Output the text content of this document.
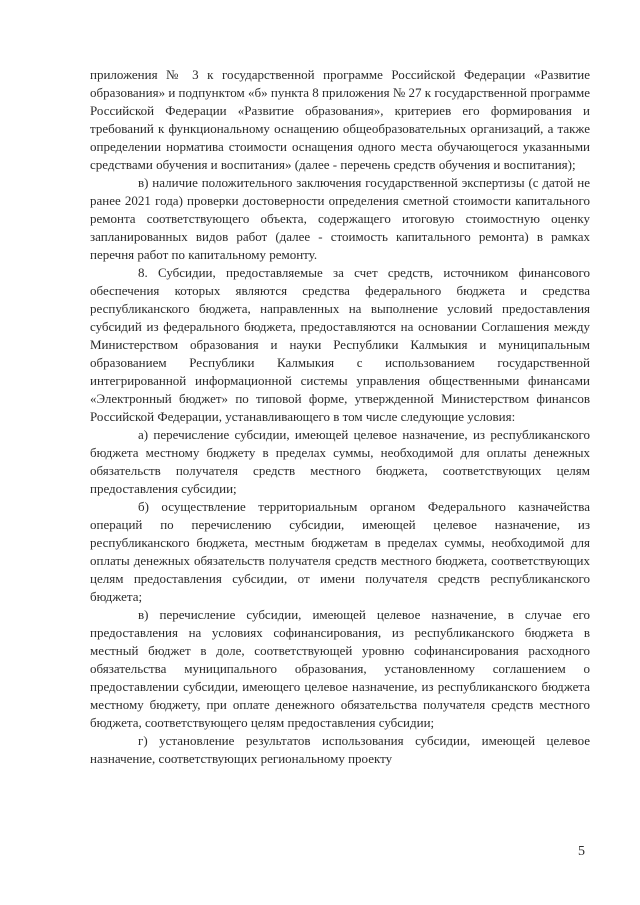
приложения № 3 к государственной программе Российской Федерации «Развитие образования» и подпунктом «б» пункта 8 приложения № 27 к государственной программе Российской Федерации «Развитие образования», критериев его формирования и требований к функциональному оснащению общеобразовательных организаций, а также определении норматива стоимости оснащения одного места обучающегося указанными средствами обучения и воспитания» (далее - перечень средств обучения и воспитания);

в) наличие положительного заключения государственной экспертизы (с датой не ранее 2021 года) проверки достоверности определения сметной стоимости капитального ремонта соответствующего объекта, содержащего итоговую стоимостную оценку запланированных видов работ (далее - стоимость капитального ремонта) в рамках перечня работ по капитальному ремонту.

8. Субсидии, предоставляемые за счет средств, источником финансового обеспечения которых являются средства федерального бюджета и средства республиканского бюджета, направленных на выполнение условий предоставления субсидий из федерального бюджета, предоставляются на основании Соглашения между Министерством образования и науки Республики Калмыкия и муниципальным образованием Республики Калмыкия с использованием государственной интегрированной информационной системы управления общественными финансами «Электронный бюджет» по типовой форме, утвержденной Министерством финансов Российской Федерации, устанавливающего в том числе следующие условия:

а) перечисление субсидии, имеющей целевое назначение, из республиканского бюджета местному бюджету в пределах суммы, необходимой для оплаты денежных обязательств получателя средств местного бюджета, соответствующих целям предоставления субсидии;

б) осуществление территориальным органом Федерального казначейства операций по перечислению субсидии, имеющей целевое назначение, из республиканского бюджета, местным бюджетам в пределах суммы, необходимой для оплаты денежных обязательств получателя средств местного бюджета, соответствующих целям предоставления субсидии, от имени получателя средств республиканского бюджета;

в) перечисление субсидии, имеющей целевое назначение, в случае его предоставления на условиях софинансирования, из республиканского бюджета в местный бюджет в доле, соответствующей уровню софинансирования расходного обязательства муниципального образования, установленному соглашением о предоставлении субсидии, имеющего целевое назначение, из республиканского бюджета местному бюджету, при оплате денежного обязательства получателя средств местного бюджета, соответствующего целям предоставления субсидии;

г) установление результатов использования субсидии, имеющей целевое назначение, соответствующих региональному проекту

5
